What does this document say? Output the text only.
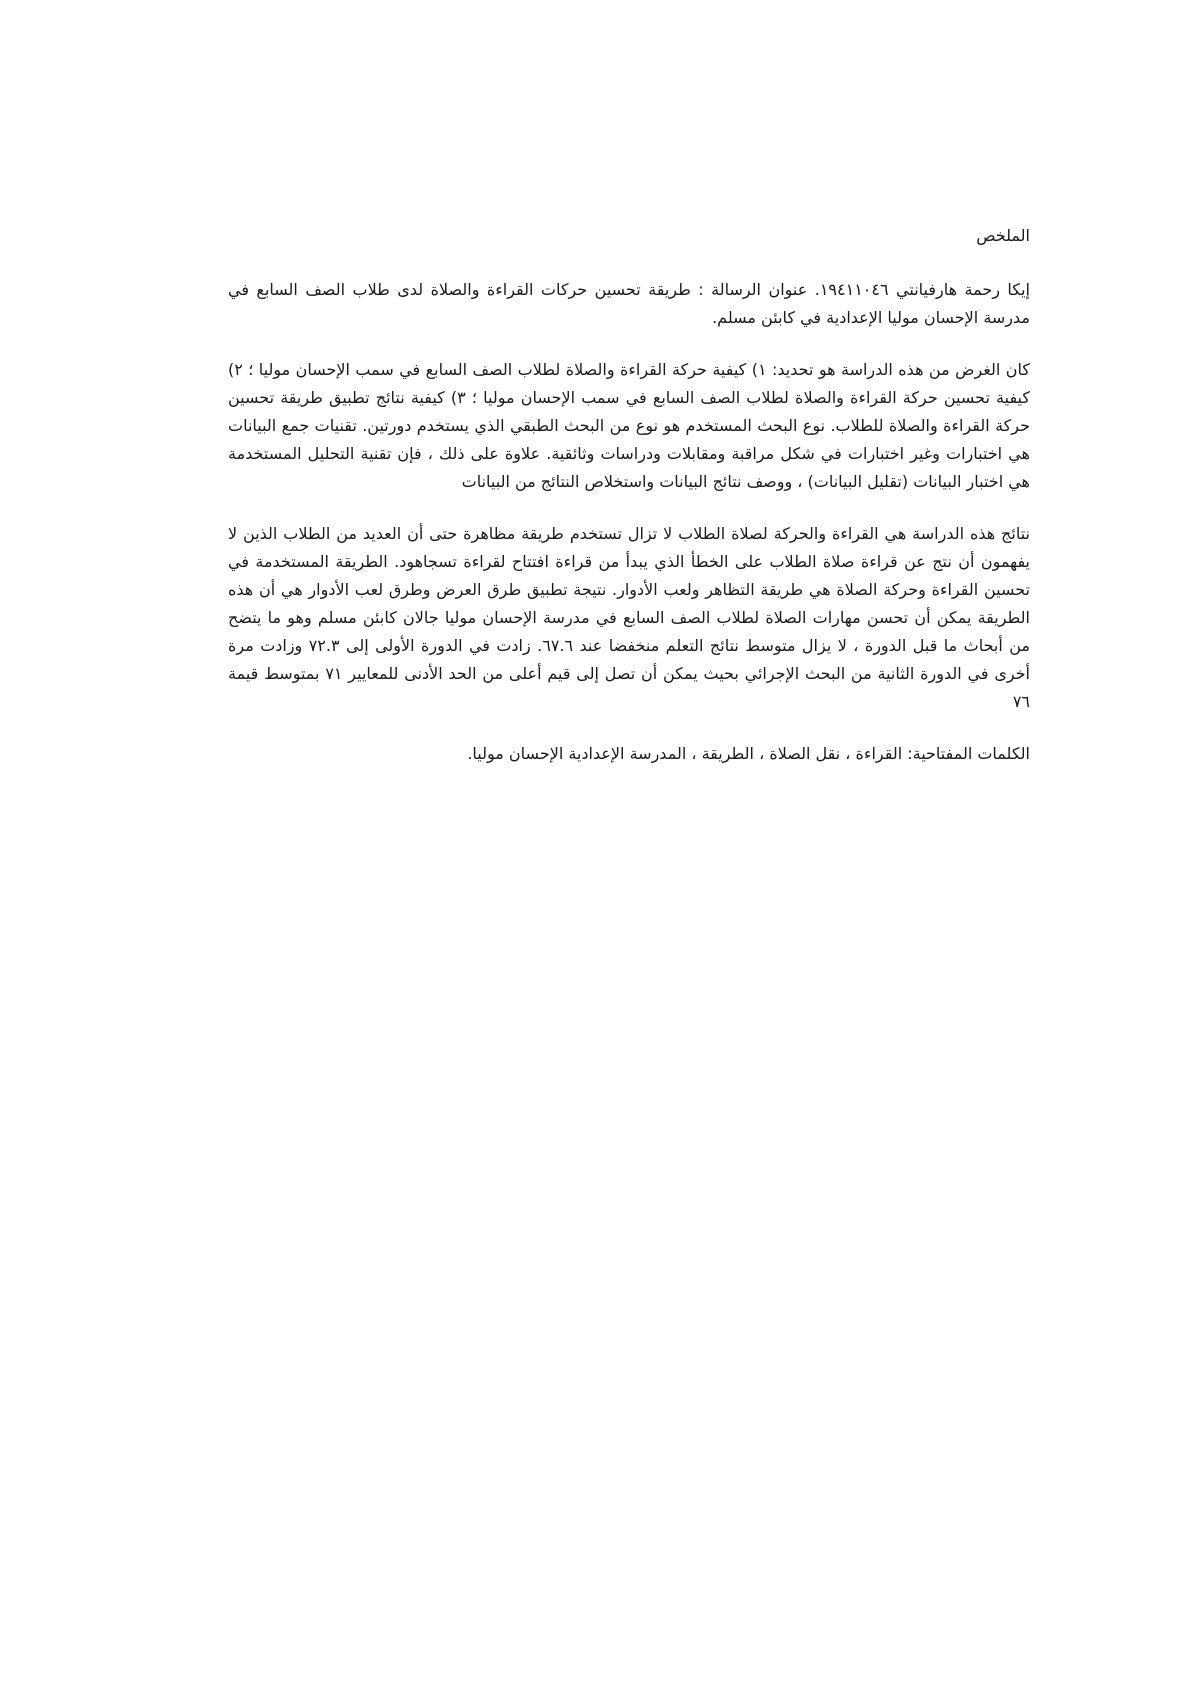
الملخص

إيكا رحمة هارفيانتي ١٩٤١١٠٤٦. عنوان الرسالة : طريقة تحسين حركات القراءة والصلاة لدى طلاب الصف السابع في مدرسة الإحسان موليا الإعدادية في كابئن مسلم.

كان الغرض من هذه الدراسة هو تحديد: ١) كيفية حركة القراءة والصلاة لطلاب الصف السابع في سمب الإحسان موليا ؛ ٢) كيفية تحسين حركة القراءة والصلاة لطلاب الصف السابع في سمب الإحسان موليا ؛ ٣) كيفية نتائج تطبيق طريقة تحسين حركة القراءة والصلاة للطلاب. نوع البحث المستخدم هو نوع من البحث الطبقي الذي يستخدم دورتين. تقنيات جمع البيانات هي اختبارات وغير اختبارات في شكل مراقبة ومقابلات ودراسات وثائقية. علاوة على ذلك ، فإن تقنية التحليل المستخدمة هي اختبار البيانات (تقليل البيانات) ، ووصف نتائج البيانات واستخلاص النتائج من البيانات

نتائج هذه الدراسة هي القراءة والحركة لصلاة الطلاب لا تزال تستخدم طريقة مظاهرة حتى أن العديد من الطلاب الذين لا يفهمون أن نتج عن قراءة صلاة الطلاب على الخطأ الذي يبدأ من قراءة افتتاح لقراءة تسجاهود. الطريقة المستخدمة في تحسين القراءة وحركة الصلاة هي طريقة التظاهر ولعب الأدوار. نتيجة تطبيق طرق العرض وطرق لعب الأدوار هي أن هذه الطريقة يمكن أن تحسن مهارات الصلاة لطلاب الصف السابع في مدرسة الإحسان موليا جالان كابئن مسلم وهو ما يتضح من أبحاث ما قبل الدورة ، لا يزال متوسط نتائج التعلم منخفضا عند ٦٧.٦. زادت في الدورة الأولى إلى ٧٢.٣ وزادت مرة أخرى في الدورة الثانية من البحث الإجرائي بحيث يمكن أن تصل إلى قيم أعلى من الحد الأدنى للمعايير ٧١ بمتوسط قيمة ٧٦

الكلمات المفتاحية: القراءة ، نقل الصلاة ، الطريقة ، المدرسة الإعدادية الإحسان موليا.
